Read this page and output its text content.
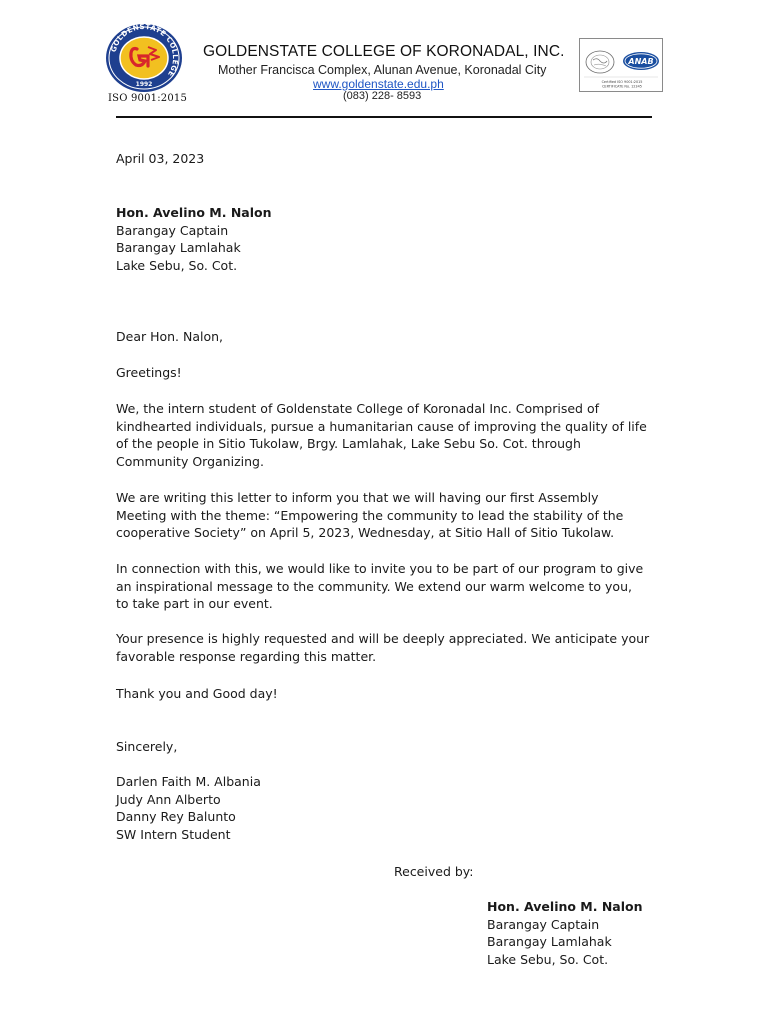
GOLDENSTATE COLLEGE
1992
ISO 9001:2015
GOLDENSTATE COLLEGE OF KORONADAL, INC.
Mother Francisca Complex, Alunan Avenue, Koronadal City
www.goldenstate.edu.ph
(083) 228- 8593
ANAB
Certified ISO 9001:2015
CERTIFICATE No. 12345
April 03, 2023
Hon. Avelino M. Nalon
Barangay Captain
Barangay Lamlahak
Lake Sebu, So. Cot.
Dear Hon. Nalon,
Greetings!
We, the intern student of Goldenstate College of Koronadal Inc. Comprised of
kindhearted individuals, pursue a humanitarian cause of improving the quality of life
of the people in Sitio Tukolaw, Brgy. Lamlahak, Lake Sebu So. Cot. through
Community Organizing.
We are writing this letter to inform you that we will having our first Assembly
Meeting with the theme: “Empowering the community to lead the stability of the
cooperative Society” on April 5, 2023, Wednesday, at Sitio Hall of Sitio Tukolaw.
In connection with this, we would like to invite you to be part of our program to give
an inspirational message to the community. We extend our warm welcome to you,
to take part in our event.
Your presence is highly requested and will be deeply appreciated. We anticipate your
favorable response regarding this matter.
Thank you and Good day!
Sincerely,
Darlen Faith M. Albania
Judy Ann Alberto
Danny Rey Balunto
SW Intern Student
Received by:
Hon. Avelino M. Nalon
Barangay Captain
Barangay Lamlahak
Lake Sebu, So. Cot.
